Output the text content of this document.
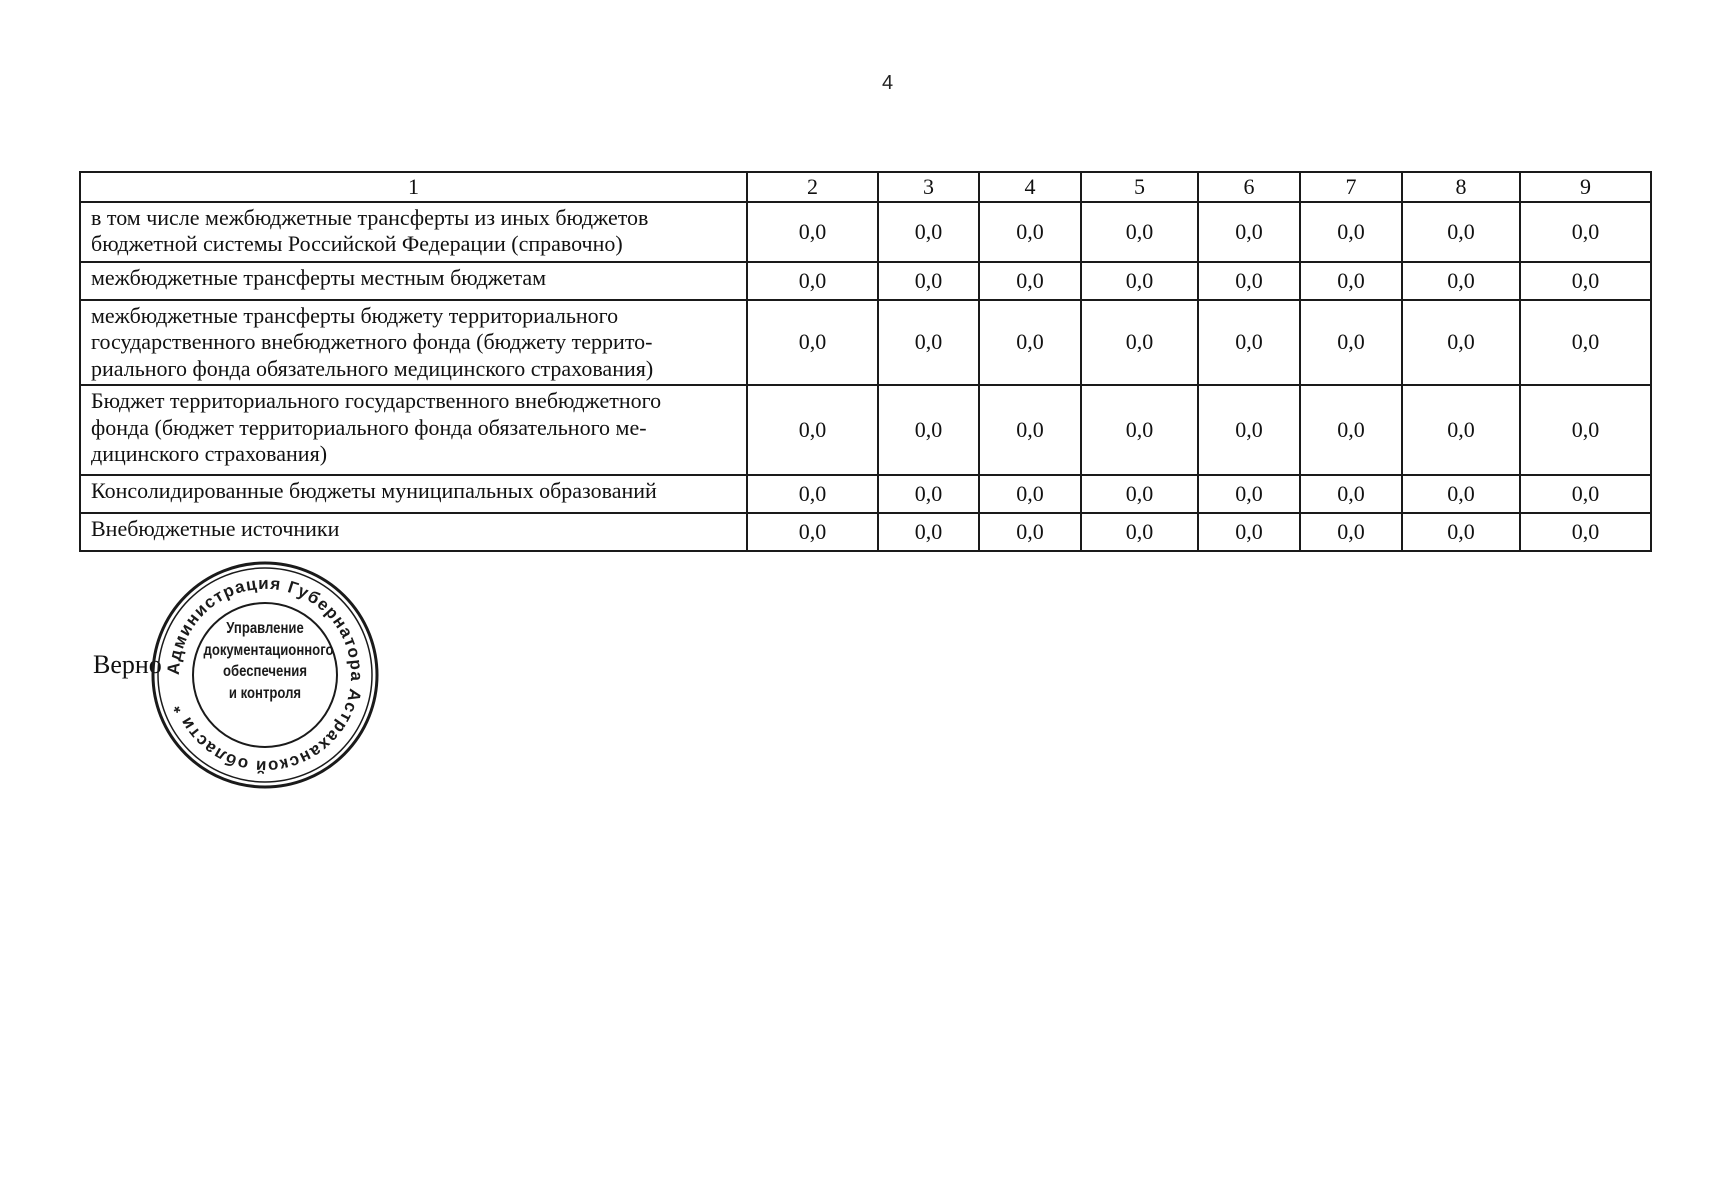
4
1	2	3	4	5	6	7	8	9

в том числе межбюджетные трансферты из иных бюджетов
бюджетной системы Российской Федерации (справочно)	0,0	0,0	0,0	0,0	0,0	0,0	0,0	0,0

межбюджетные трансферты местным бюджетам	0,0	0,0	0,0	0,0	0,0	0,0	0,0	0,0

межбюджетные трансферты бюджету территориального
государственного внебюджетного фонда (бюджету террито-
риального фонда обязательного медицинского страхования)	0,0	0,0	0,0	0,0	0,0	0,0	0,0	0,0

Бюджет территориального государственного внебюджетного
фонда (бюджет территориального фонда обязательного ме-
дицинского страхования)	0,0	0,0	0,0	0,0	0,0	0,0	0,0	0,0

Консолидированные бюджеты муниципальных образований	0,0	0,0	0,0	0,0	0,0	0,0	0,0	0,0

Внебюджетные источники	0,0	0,0	0,0	0,0	0,0	0,0	0,0	0,0
Верно Администрация Губернатора Астраханской области *
Управление
документационного
обеспечения
и контроля
